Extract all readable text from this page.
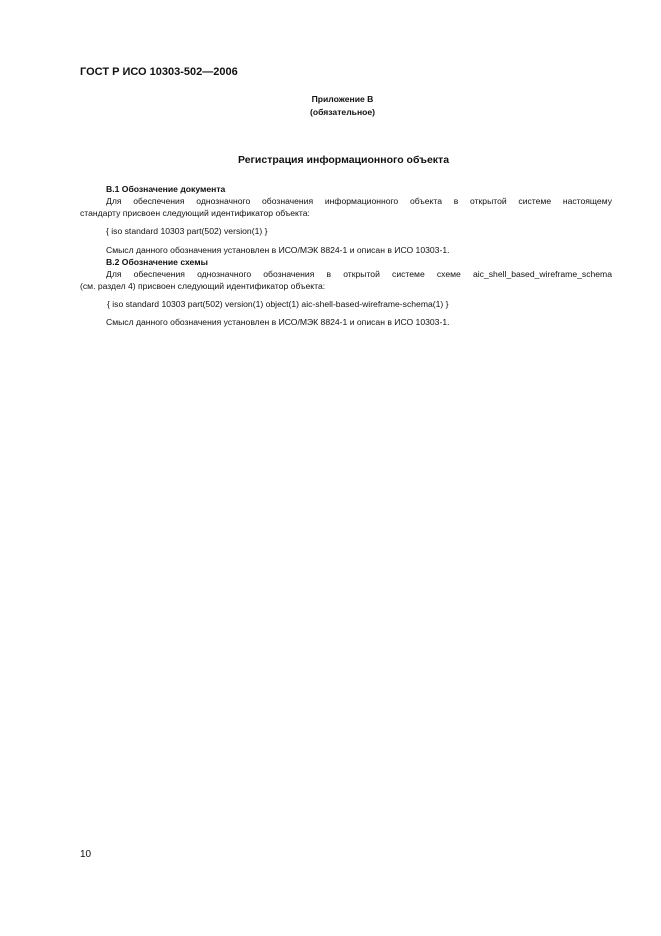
ГОСТ Р ИСО 10303-502—2006
Приложение В
(обязательное)
Регистрация информационного объекта
В.1 Обозначение документа
Для обеспечения однозначного обозначения информационного объекта в открытой системе настоящему
стандарту присвоен следующий идентификатор объекта:
{ iso standard 10303 part(502) version(1) }
Смысл данного обозначения установлен в ИСО/МЭК 8824-1 и описан в ИСО 10303-1.
В.2 Обозначение схемы
Для обеспечения однозначного обозначения в открытой системе схеме aic_shell_based_wireframe_schema
(см. раздел 4) присвоен следующий идентификатор объекта:
{ iso standard 10303 part(502) version(1) object(1) aic-shell-based-wireframe-schema(1) }
Смысл данного обозначения установлен в ИСО/МЭК 8824-1 и описан в ИСО 10303-1.
10
